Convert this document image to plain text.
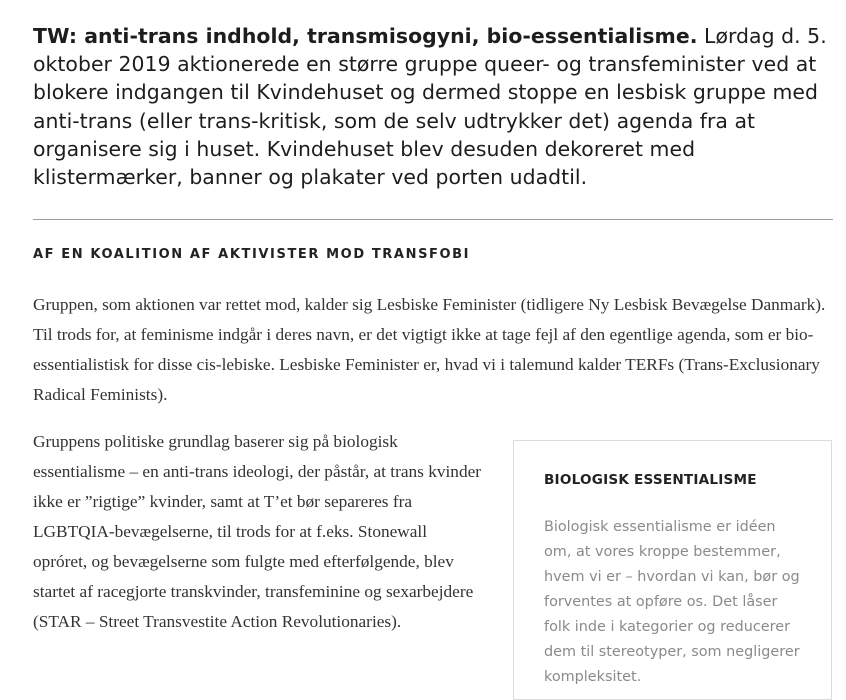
TW: anti-trans indhold, transmisogyni, bio-essentialisme. Lørdag d. 5. oktober 2019 aktionerede en større gruppe queer- og transfeminister ved at blokere indgangen til Kvindehuset og dermed stoppe en lesbisk gruppe med anti-trans (eller trans-kritisk, som de selv udtrykker det) agenda fra at organisere sig i huset. Kvindehuset blev desuden dekoreret med klistermærker, banner og plakater ved porten udadtil.

AF EN KOALITION AF AKTIVISTER MOD TRANSFOBI

Gruppen, som aktionen var rettet mod, kalder sig Lesbiske Feminister (tidligere Ny Lesbisk Bevægelse Danmark). Til trods for, at feminisme indgår i deres navn, er det vigtigt ikke at tage fejl af den egentlige agenda, som er bio-essentialistisk for disse cis-lebiske. Lesbiske Feminister er, hvad vi i talemund kalder TERFs (Trans-Exclusionary Radical Feminists).

Gruppens politiske grundlag baserer sig på biologisk essentialisme – en anti-trans ideologi, der påstår, at trans kvinder ikke er ”rigtige” kvinder, samt at T’et bør separeres fra LGBTQIA-bevægelserne, til trods for at f.eks. Stonewall opróret, og bevægelserne som fulgte med efterfølgende, blev startet af racegjorte transkvinder, transfeminine og sexarbejdere (STAR – Street Transvestite Action Revolutionaries).

BIOLOGISK ESSENTIALISME

Biologisk essentialisme er idéen om, at vores kroppe bestemmer, hvem vi er – hvordan vi kan, bør og forventes at opføre os. Det låser folk inde i kategorier og reducerer dem til stereotyper, som negligerer kompleksitet.
